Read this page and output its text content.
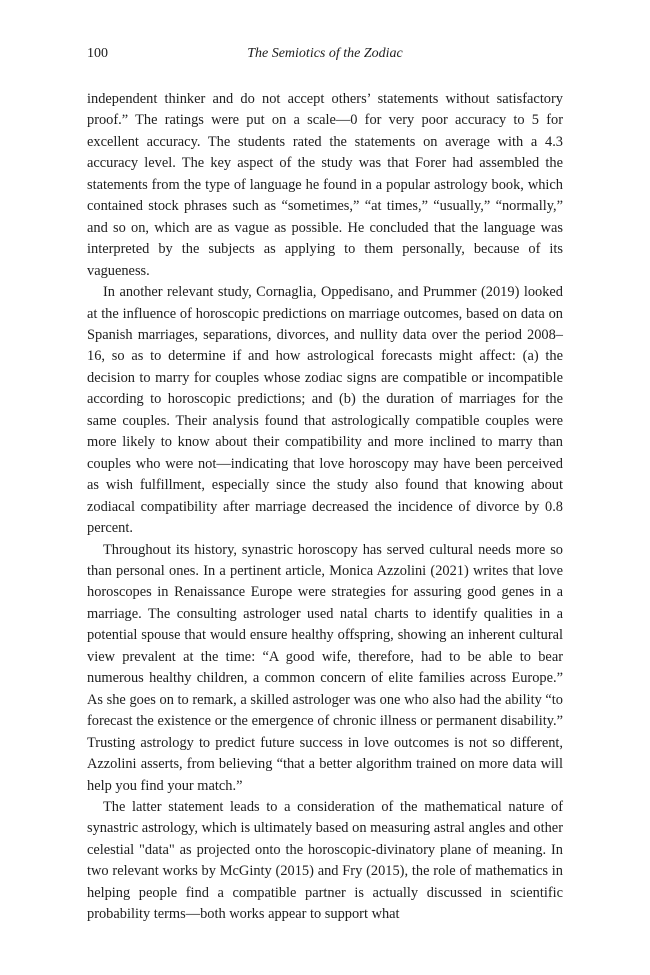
100	The Semiotics of the Zodiac

independent thinker and do not accept others’ statements without satisfactory proof.” The ratings were put on a scale—0 for very poor accuracy to 5 for excellent accuracy. The students rated the statements on average with a 4.3 accuracy level. The key aspect of the study was that Forer had assembled the statements from the type of language he found in a popular astrology book, which contained stock phrases such as “sometimes,” “at times,” “usually,” “normally,” and so on, which are as vague as possible. He concluded that the language was interpreted by the subjects as applying to them personally, because of its vagueness.

In another relevant study, Cornaglia, Oppedisano, and Prummer (2019) looked at the influence of horoscopic predictions on marriage outcomes, based on data on Spanish marriages, separations, divorces, and nullity data over the period 2008–16, so as to determine if and how astrological forecasts might affect: (a) the decision to marry for couples whose zodiac signs are compatible or incompatible according to horoscopic predictions; and (b) the duration of marriages for the same couples. Their analysis found that astrologically compatible couples were more likely to know about their compatibility and more inclined to marry than couples who were not—indicating that love horoscopy may have been perceived as wish fulfillment, especially since the study also found that knowing about zodiacal compatibility after marriage decreased the incidence of divorce by 0.8 percent.

Throughout its history, synastric horoscopy has served cultural needs more so than personal ones. In a pertinent article, Monica Azzolini (2021) writes that love horoscopes in Renaissance Europe were strategies for assuring good genes in a marriage. The consulting astrologer used natal charts to identify qualities in a potential spouse that would ensure healthy offspring, showing an inherent cultural view prevalent at the time: “A good wife, therefore, had to be able to bear numerous healthy children, a common concern of elite families across Europe.” As she goes on to remark, a skilled astrologer was one who also had the ability “to forecast the existence or the emergence of chronic illness or permanent disability.” Trusting astrology to predict future success in love outcomes is not so different, Azzolini asserts, from believing “that a better algorithm trained on more data will help you find your match.”

The latter statement leads to a consideration of the mathematical nature of synastric astrology, which is ultimately based on measuring astral angles and other celestial "data" as projected onto the horoscopic-divinatory plane of meaning. In two relevant works by McGinty (2015) and Fry (2015), the role of mathematics in helping people find a compatible partner is actually discussed in scientific probability terms—both works appear to support what
